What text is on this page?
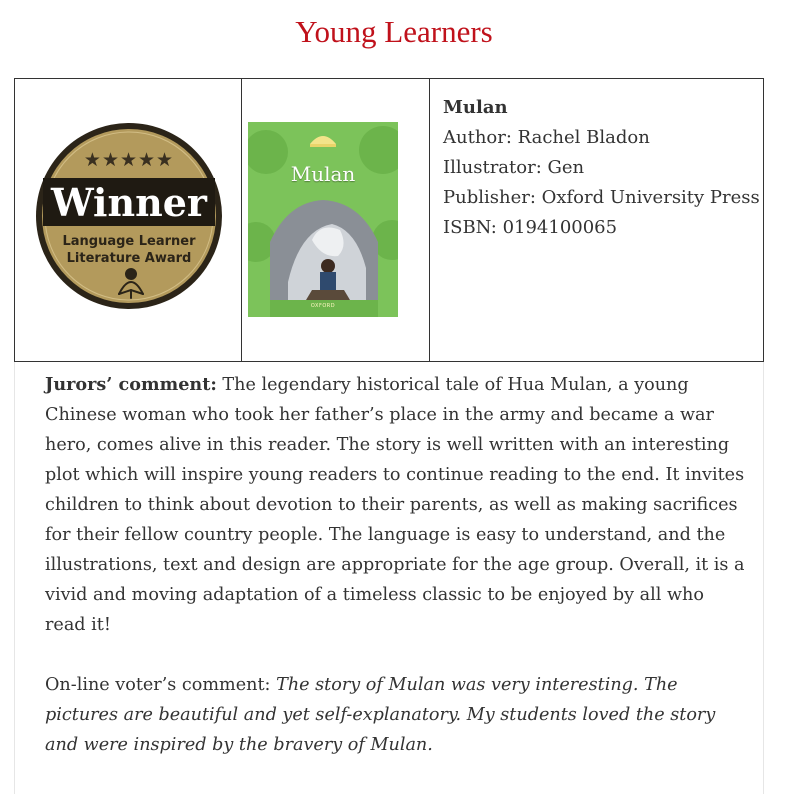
Young Learners
★★★★★
Winner
Language Learner
Literature Award

Mulan
OXFORD

Mulan
Author: Rachel Bladon
Illustrator: Gen
Publisher: Oxford University Press
ISBN: 0194100065

Jurors’ comment: The legendary historical tale of Hua Mulan, a young Chinese woman who took her father’s place in the army and became a war hero, comes alive in this reader. The story is well written with an interesting plot which will inspire young readers to continue reading to the end. It invites children to think about devotion to their parents, as well as making sacrifices for their fellow country people. The language is easy to understand, and the illustrations, text and design are appropriate for the age group. Overall, it is a vivid and moving adaptation of a timeless classic to be enjoyed by all who read it!

On-line voter’s comment: The story of Mulan was very interesting. The pictures are beautiful and yet self-explanatory. My students loved the story and were inspired by the bravery of Mulan.
